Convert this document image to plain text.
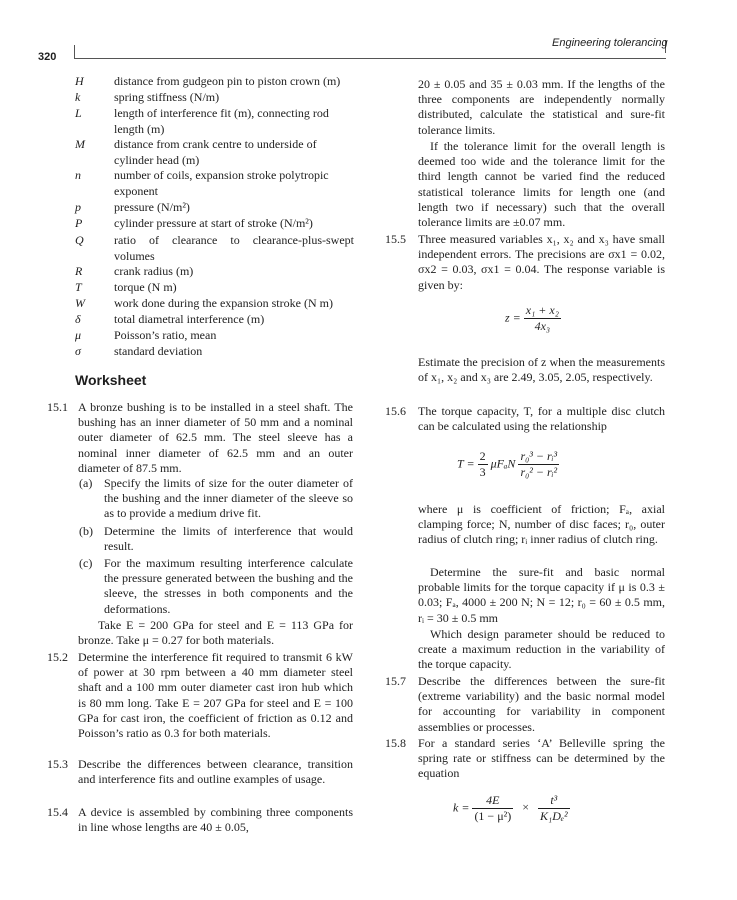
320
Engineering tolerancing
H	distance from gudgeon pin to piston crown (m)
k	spring stiffness (N/m)
L	length of interference fit (m), connecting rod length (m)
M	distance from crank centre to underside of cylinder head (m)
n	number of coils, expansion stroke polytropic exponent
p	pressure (N/m²)
P	cylinder pressure at start of stroke (N/m²)
Q	ratio of clearance to clearance-plus-swept volumes
R	crank radius (m)
T	torque (N m)
W	work done during the expansion stroke (N m)
δ	total diametral interference (m)
μ	Poisson’s ratio, mean
σ	standard deviation
Worksheet
15.1 A bronze bushing is to be installed in a steel shaft. The bushing has an inner diameter of 50 mm and a nominal outer diameter of 62.5 mm. The steel sleeve has a nominal inner diameter of 62.5 mm and an outer diameter of 87.5 mm.
(a) Specify the limits of size for the outer diameter of the bushing and the inner diameter of the sleeve so as to provide a medium drive fit.
(b) Determine the limits of interference that would result.
(c) For the maximum resulting interference calculate the pressure generated between the bushing and the sleeve, the stresses in both components and the deformations.
Take E = 200 GPa for steel and E = 113 GPa for bronze. Take μ = 0.27 for both materials.
15.2 Determine the interference fit required to transmit 6 kW of power at 30 rpm between a 40 mm diameter steel shaft and a 100 mm outer diameter cast iron hub which is 80 mm long. Take E = 207 GPa for steel and E = 100 GPa for cast iron, the coefficient of friction as 0.12 and Poisson’s ratio as 0.3 for both materials.
15.3 Describe the differences between clearance, transition and interference fits and outline examples of usage.
15.4 A device is assembled by combining three components in line whose lengths are 40 ± 0.05,
20 ± 0.05 and 35 ± 0.03 mm. If the lengths of the three components are independently normally distributed, calculate the statistical and sure-fit tolerance limits.
If the tolerance limit for the overall length is deemed too wide and the tolerance limit for the third length cannot be varied find the reduced statistical tolerance limits for length one (and length two if necessary) such that the overall tolerance limits are ±0.07 mm.
15.5 Three measured variables x₁, x₂ and x₃ have small independent errors. The precisions are σx1 = 0.02, σx2 = 0.03, σx1 = 0.04. The response variable is given by:
$z = \frac{\text{x₁ + x₂}}{\text{4x₃}}$
Estimate the precision of z when the measurements of x₁, x₂ and x₃ are 2.49, 3.05, 2.05, respectively.
15.6 The torque capacity, T, for a multiple disc clutch can be calculated using the relationship
$T = \frac{2}{3}$ μFₐN $\frac{\text{r₀³ − rᵢ³}}{\text{r₀² − rᵢ²}}$
where μ is coefficient of friction; Fₐ, axial clamping force; N, number of disc faces; r₀, outer radius of clutch ring; rᵢ inner radius of clutch ring.
Determine the sure-fit and basic normal probable limits for the torque capacity if μ is 0.3 ± 0.03; Fₐ, 4000 ± 200 N; N = 12; r₀ = 60 ± 0.5 mm, rᵢ = 30 ± 0.5 mm
Which design parameter should be reduced to create a maximum reduction in the variability of the torque capacity.
15.7 Describe the differences between the sure-fit (extreme variability) and the basic normal model for accounting for variability in component assemblies or processes.
15.8 For a standard series ‘A’ Belleville spring the spring rate or stiffness can be determined by the equation
$k = \frac{4E}{\text{(1 − μ²)}} \times \frac{\text{t³}}{\text{K₁Dₑ²}}$
